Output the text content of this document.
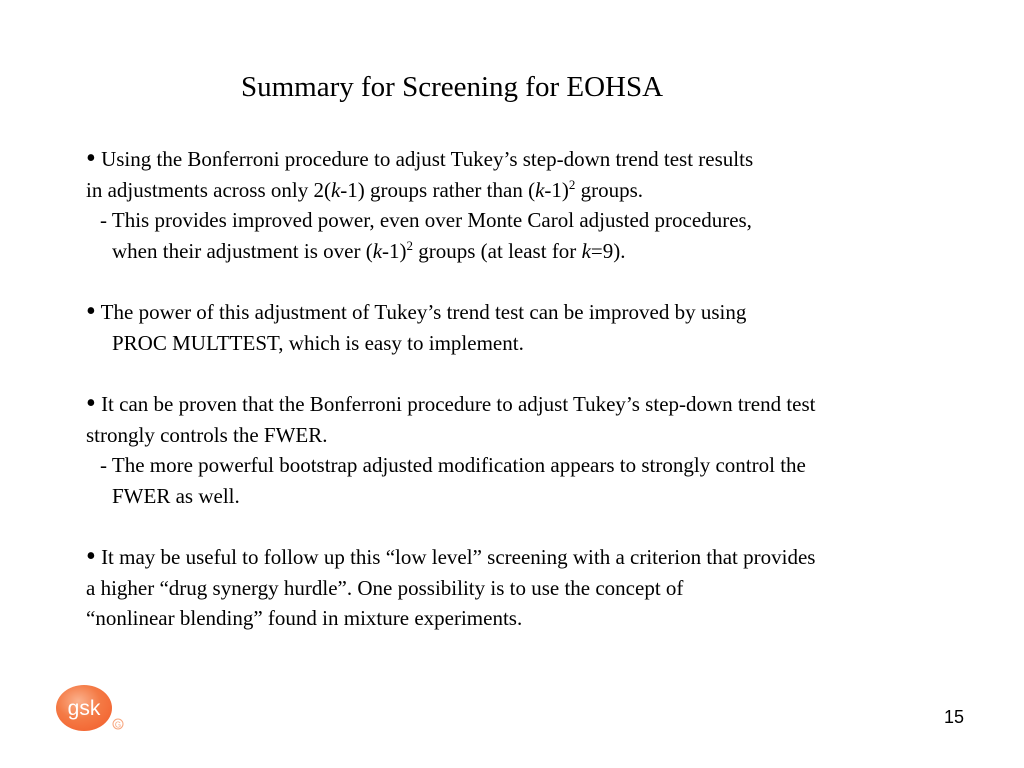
Summary for Screening for EOHSA
• Using the Bonferroni procedure to adjust Tukey’s step-down trend test results
in adjustments across only 2(k-1) groups rather than $(k-1)^2$ groups.
- This provides improved power, even over Monte Carol adjusted procedures,
when their adjustment is over $(k-1)^2$ groups (at least for k=9).
• The power of this adjustment of Tukey’s trend test can be improved by using
PROC MULTTEST, which is easy to implement.
• It can be proven that the Bonferroni procedure to adjust Tukey’s step-down trend test
strongly controls the FWER.
- The more powerful bootstrap adjusted modification appears to strongly control the
FWER as well.
• It may be useful to follow up this “low level” screening with a criterion that provides
a higher “drug synergy hurdle”. One possibility is to use the concept of
“nonlinear blending” found in mixture experiments.
gsk
G	15
